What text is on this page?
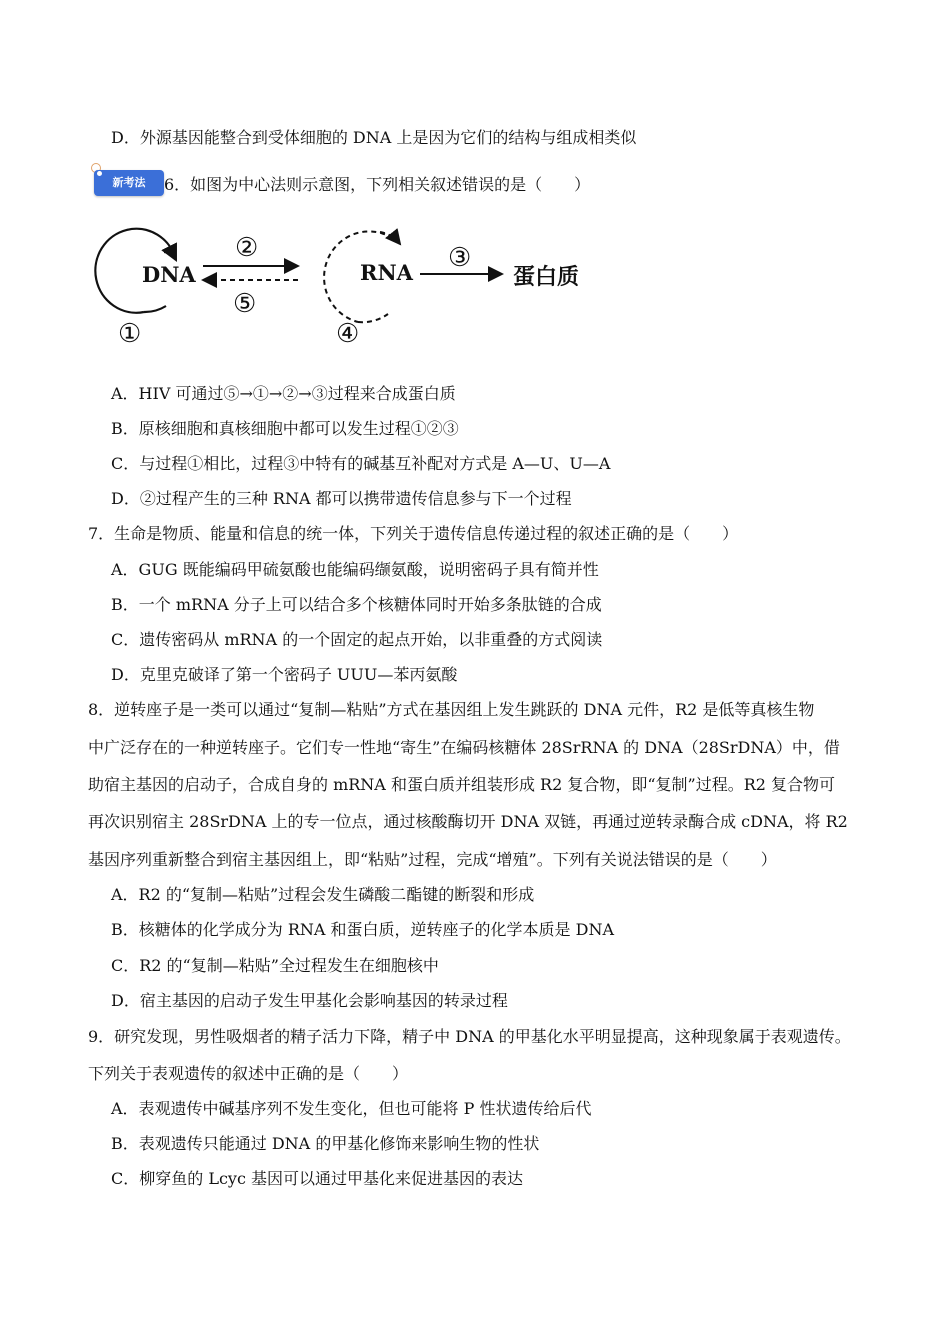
D．外源基因能整合到受体细胞的 DNA 上是因为它们的结构与组成相类似
新考法	6．如图为中心法则示意图，下列相关叙述错误的是（　　）
DNA
①
②
⑤
RNA
④
③
蛋白质
A．HIV 可通过⑤→①→②→③过程来合成蛋白质
B．原核细胞和真核细胞中都可以发生过程①②③
C．与过程①相比，过程③中特有的碱基互补配对方式是 A—U、U—A
D．②过程产生的三种 RNA 都可以携带遗传信息参与下一个过程
7．生命是物质、能量和信息的统一体，下列关于遗传信息传递过程的叙述正确的是（　　）
A．GUG 既能编码甲硫氨酸也能编码缬氨酸，说明密码子具有简并性
B．一个 mRNA 分子上可以结合多个核糖体同时开始多条肽链的合成
C．遗传密码从 mRNA 的一个固定的起点开始，以非重叠的方式阅读
D．克里克破译了第一个密码子 UUU—苯丙氨酸
8．逆转座子是一类可以通过“复制—粘贴”方式在基因组上发生跳跃的 DNA 元件，R2 是低等真核生物
中广泛存在的一种逆转座子。它们专一性地“寄生”在编码核糖体 28SrRNA 的 DNA（28SrDNA）中，借
助宿主基因的启动子，合成自身的 mRNA 和蛋白质并组装形成 R2 复合物，即“复制”过程。R2 复合物可
再次识别宿主 28SrDNA 上的专一位点，通过核酸酶切开 DNA 双链，再通过逆转录酶合成 cDNA，将 R2
基因序列重新整合到宿主基因组上，即“粘贴”过程，完成“增殖”。下列有关说法错误的是（　　）
A．R2 的“复制—粘贴”过程会发生磷酸二酯键的断裂和形成
B．核糖体的化学成分为 RNA 和蛋白质，逆转座子的化学本质是 DNA
C．R2 的“复制—粘贴”全过程发生在细胞核中
D．宿主基因的启动子发生甲基化会影响基因的转录过程
9．研究发现，男性吸烟者的精子活力下降，精子中 DNA 的甲基化水平明显提高，这种现象属于表观遗传。
下列关于表观遗传的叙述中正确的是（　　）
A．表观遗传中碱基序列不发生变化，但也可能将 P 性状遗传给后代
B．表观遗传只能通过 DNA 的甲基化修饰来影响生物的性状
C．柳穿鱼的 Lcyc 基因可以通过甲基化来促进基因的表达
